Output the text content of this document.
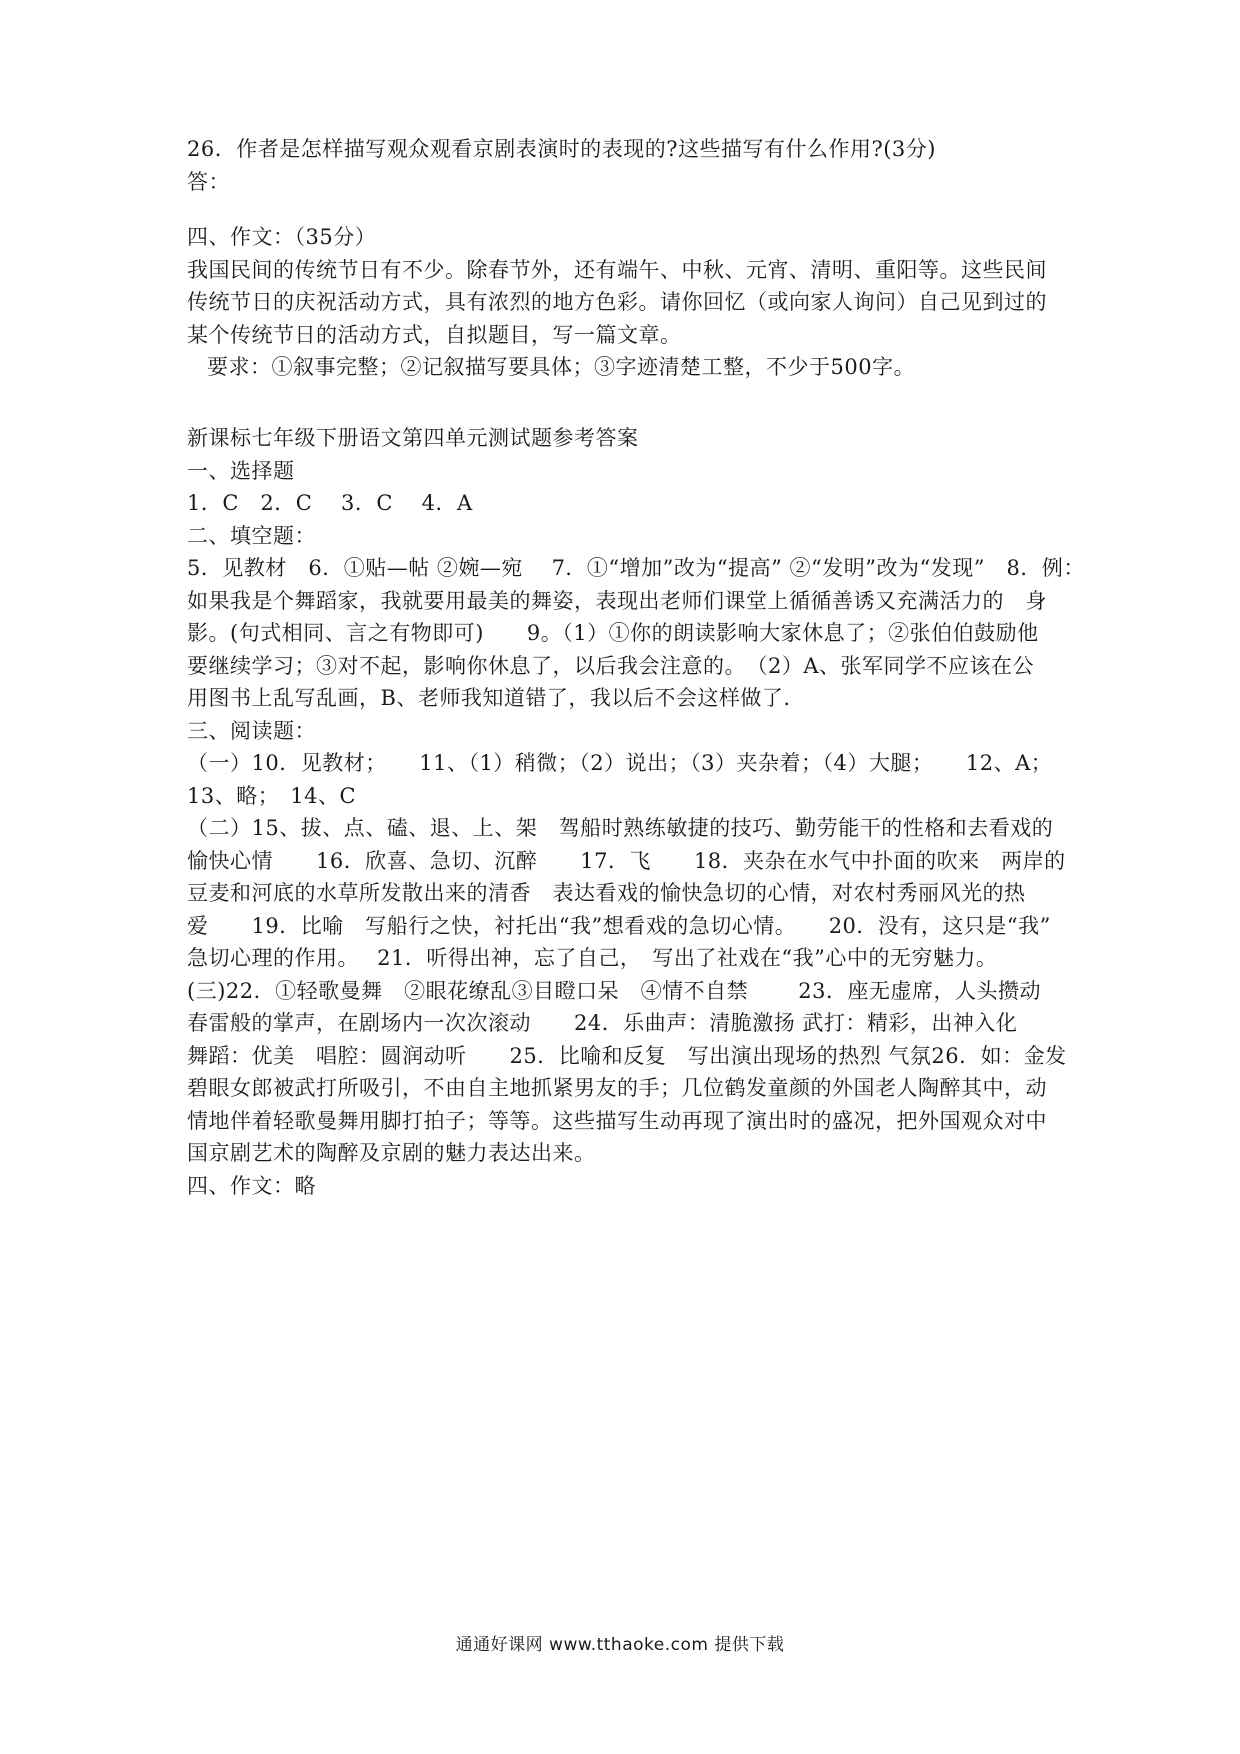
26．作者是怎样描写观众观看京剧表演时的表现的?这些描写有什么作用?(3分)
答：
四、作文：（35分）
我国民间的传统节日有不少。除春节外，还有端午、中秋、元宵、清明、重阳等。这些民间
传统节日的庆祝活动方式，具有浓烈的地方色彩。请你回忆（或向家人询问）自己见到过的
某个传统节日的活动方式，自拟题目，写一篇文章。
要求：①叙事完整；②记叙描写要具体；③字迹清楚工整，不少于500字。
新课标七年级下册语文第四单元测试题参考答案
一、选择题
1．C　2．C　 3．C　 4．A
二、填空题：
5．见教材　6．①贴—帖 ②婉—宛　 7．①“增加”改为“提高” ②“发明”改为“发现”　8．例：
如果我是个舞蹈家，我就要用最美的舞姿，表现出老师们课堂上循循善诱又充满活力的　身
影。(句式相同、言之有物即可)　　9。（1）①你的朗读影响大家休息了；②张伯伯鼓励他
要继续学习；③对不起，影响你休息了，以后我会注意的。　（2）A、张军同学不应该在公
用图书上乱写乱画，B、老师我知道错了，我以后不会这样做了.
三、阅读题：
（一）10．见教材；　　11、（1）稍微；（2）说出；（3）夹杂着；（4）大腿；　　12、A；
13、略；　14、C
（二）15、拔、点、磕、退、上、架　驾船时熟练敏捷的技巧、勤劳能干的性格和去看戏的
愉快心情　　16．欣喜、急切、沉醉　　17．飞　　18．夹杂在水气中扑面的吹来　两岸的
豆麦和河底的水草所发散出来的清香　表达看戏的愉快急切的心情，对农村秀丽风光的热
爱　　19．比喻　写船行之快，衬托出“我”想看戏的急切心情。　　20．没有，这只是“我”
急切心理的作用。　 21．听得出神，忘了自己，　写出了社戏在“我”心中的无穷魅力。
(三)22．①轻歌曼舞　②眼花缭乱③目瞪口呆　④情不自禁　　 23．座无虚席，人头攒动
春雷般的掌声，在剧场内一次次滚动　　24．乐曲声：清脆激扬 武打：精彩，出神入化
舞蹈：优美　唱腔：圆润动听　　25．比喻和反复　写出演出现场的热烈 气氛26．如：金发
碧眼女郎被武打所吸引，不由自主地抓紧男友的手；几位鹤发童颜的外国老人陶醉其中，动
情地伴着轻歌曼舞用脚打拍子；等等。这些描写生动再现了演出时的盛况，把外国观众对中
国京剧艺术的陶醉及京剧的魅力表达出来。
四、作文：略
通通好课网 www.tthaoke.com 提供下载
